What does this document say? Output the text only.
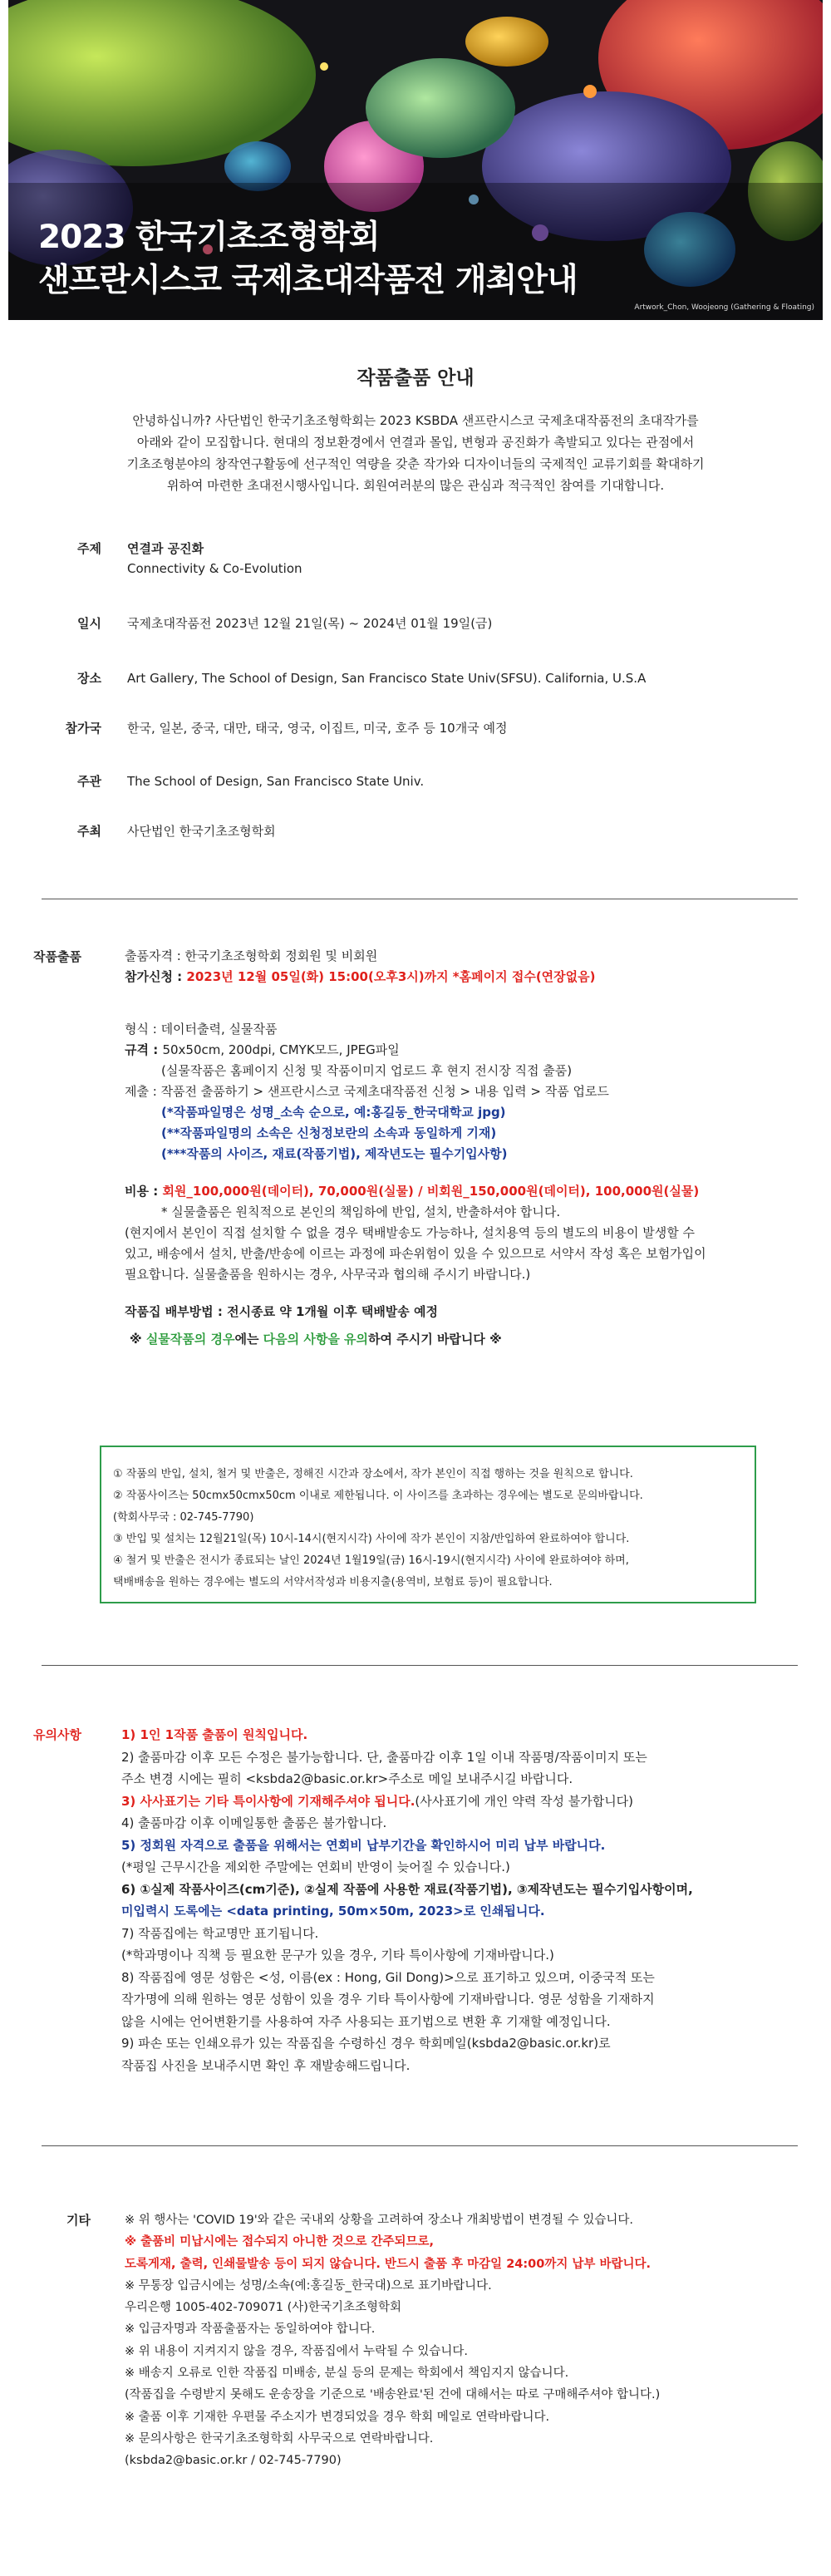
2023 한국기초조형학회
샌프란시스코 국제초대작품전 개최안내
Artwork_Chon, Woojeong (Gathering & Floating)
작품출품 안내
안녕하십니까? 사단법인 한국기초조형학회는 2023 KSBDA 샌프란시스코 국제초대작품전의 초대작가를
아래와 같이 모집합니다. 현대의 정보환경에서 연결과 몰입, 변형과 공진화가 촉발되고 있다는 관점에서
기초조형분야의 창작연구활동에 선구적인 역량을 갖춘 작가와 디자이너들의 국제적인 교류기회를 확대하기
위하여 마련한 초대전시행사입니다. 회원여러분의 많은 관심과 적극적인 참여를 기대합니다.
주제 연결과 공진화
Connectivity & Co-Evolution
일시 국제초대작품전 2023년 12월 21일(목) ~ 2024년 01월 19일(금)
장소 Art Gallery, The School of Design, San Francisco State Univ(SFSU). California, U.S.A
참가국 한국, 일본, 중국, 대만, 태국, 영국, 이집트, 미국, 호주 등 10개국 예정
주관 The School of Design, San Francisco State Univ.
주최 사단법인 한국기초조형학회
작품출품	출품자격 : 한국기초조형학회 정회원 및 비회원

참가신청 : 2023년 12월 05일(화) 15:00(오후3시)까지 *홈페이지 접수(연장없음)

형식 : 데이터출력, 실물작품

규격 : 50x50cm, 200dpi, CMYK모드, JPEG파일

(실물작품은 홈페이지 신청 및 작품이미지 업로드 후 현지 전시장 직접 출품)

제출 : 작품전 출품하기 > 샌프란시스코 국제초대작품전 신청 > 내용 입력 > 작품 업로드

(*작품파일명은 성명_소속 순으로, 예:홍길동_한국대학교 jpg)

(**작품파일명의 소속은 신청정보란의 소속과 동일하게 기재)

(***작품의 사이즈, 재료(작품기법), 제작년도는 필수기입사항)

비용 : 회원_100,000원(데이터), 70,000원(실물) / 비회원_150,000원(데이터), 100,000원(실물)

* 실물출품은 원칙적으로 본인의 책임하에 반입, 설치, 반출하셔야 합니다.

(현지에서 본인이 직접 설치할 수 없을 경우 택배발송도 가능하나, 설치용역 등의 별도의 비용이 발생할 수

있고, 배송에서 설치, 반출/반송에 이르는 과정에 파손위험이 있을 수 있으므로 서약서 작성 혹은 보험가입이

필요합니다. 실물출품을 원하시는 경우, 사무국과 협의해 주시기 바랍니다.)

작품집 배부방법 : 전시종료 약 1개월 이후 택배발송 예정

※ 실물작품의 경우에는 다음의 사항을 유의하여 주시기 바랍니다 ※

① 작품의 반입, 설치, 철거 및 반출은, 정해진 시간과 장소에서, 작가 본인이 직접 행하는 것을 원칙으로 합니다.

② 작품사이즈는 50cmx50cmx50cm 이내로 제한됩니다. 이 사이즈를 초과하는 경우에는 별도로 문의바랍니다.

(학회사무국 : 02-745-7790)

③ 반입 및 설치는 12월21일(목) 10시-14시(현지시각) 사이에 작가 본인이 지참/반입하여 완료하여야 합니다.

④ 철거 및 반출은 전시가 종료되는 날인 2024년 1월19일(금) 16시-19시(현지시각) 사이에 완료하여야 하며,

택배배송을 원하는 경우에는 별도의 서약서작성과 비용지출(용역비, 보험료 등)이 필요합니다.

유의사항	1) 1인 1작품 출품이 원칙입니다.

2) 출품마감 이후 모든 수정은 불가능합니다. 단, 출품마감 이후 1일 이내 작품명/작품이미지 또는

주소 변경 시에는 필히 <ksbda2@basic.or.kr>주소로 메일 보내주시길 바랍니다.

3) 사사표기는 기타 특이사항에 기재해주셔야 됩니다.(사사표기에 개인 약력 작성 불가합니다)

4) 출품마감 이후 이메일통한 출품은 불가합니다.

5) 정회원 자격으로 출품을 위해서는 연회비 납부기간을 확인하시어 미리 납부 바랍니다.

(*평일 근무시간을 제외한 주말에는 연회비 반영이 늦어질 수 있습니다.)

6) ①실제 작품사이즈(cm기준), ②실제 작품에 사용한 재료(작품기법), ③제작년도는 필수기입사항이며,

미입력시 도록에는 <data printing, 50m×50m, 2023>로 인쇄됩니다.

7) 작품집에는 학교명만 표기됩니다.

(*학과명이나 직책 등 필요한 문구가 있을 경우, 기타 특이사항에 기재바랍니다.)

8) 작품집에 영문 성함은 <성, 이름(ex : Hong, Gil Dong)>으로 표기하고 있으며, 이중국적 또는

작가명에 의해 원하는 영문 성함이 있을 경우 기타 특이사항에 기재바랍니다. 영문 성함을 기재하지

않을 시에는 언어변환기를 사용하여 자주 사용되는 표기법으로 변환 후 기재할 예정입니다.

9) 파손 또는 인쇄오류가 있는 작품집을 수령하신 경우 학회메일(ksbda2@basic.or.kr)로

작품집 사진을 보내주시면 확인 후 재발송해드립니다.

기타	※ 위 행사는 'COVID 19'와 같은 국내외 상황을 고려하여 장소나 개최방법이 변경될 수 있습니다.

※ 출품비 미납시에는 접수되지 아니한 것으로 간주되므로,

도록게재, 출력, 인쇄물발송 등이 되지 않습니다. 반드시 출품 후 마감일 24:00까지 납부 바랍니다.

※ 무통장 입금시에는 성명/소속(예:홍길동_한국대)으로 표기바랍니다.

우리은행 1005-402-709071 (사)한국기초조형학회

※ 입금자명과 작품출품자는 동일하여야 합니다.

※ 위 내용이 지켜지지 않을 경우, 작품집에서 누락될 수 있습니다.

※ 배송지 오류로 인한 작품집 미배송, 분실 등의 문제는 학회에서 책임지지 않습니다.

(작품집을 수령받지 못해도 운송장을 기준으로 '배송완료'된 건에 대해서는 따로 구매해주셔야 합니다.)

※ 출품 이후 기재한 우편물 주소지가 변경되었을 경우 학회 메일로 연락바랍니다.

※ 문의사항은 한국기초조형학회 사무국으로 연락바랍니다.

(ksbda2@basic.or.kr / 02-745-7790)
